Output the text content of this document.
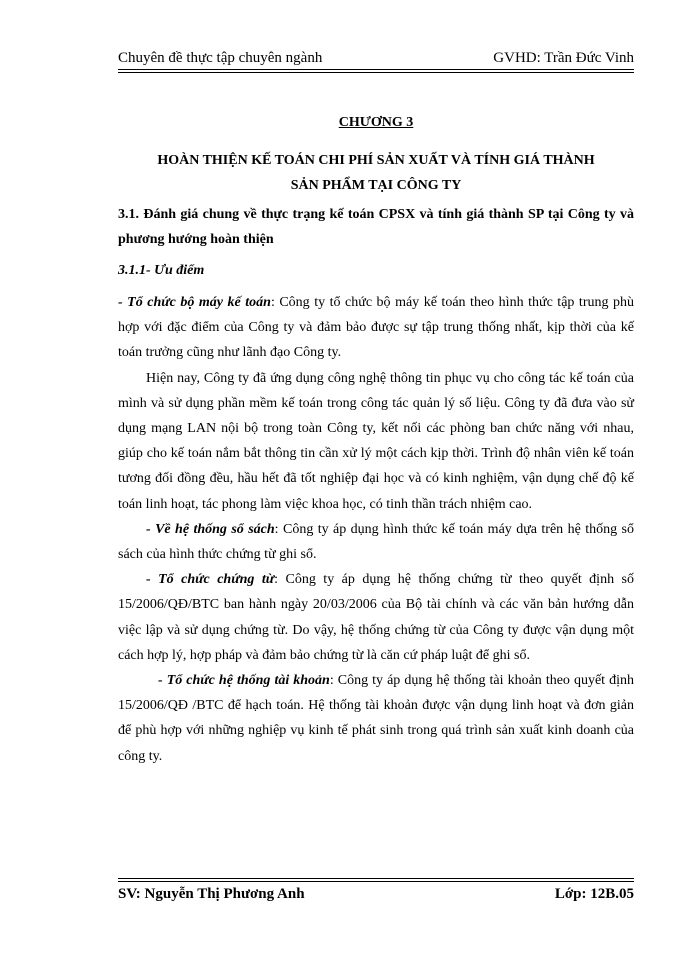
Chuyên đề thực tập chuyên ngành	GVHD: Trần Đức Vinh
CHƯƠNG 3
HOÀN THIỆN KẾ TOÁN CHI PHÍ SẢN XUẤT VÀ TÍNH GIÁ THÀNH
SẢN PHẨM TẠI CÔNG TY
3.1. Đánh giá chung về thực trạng kế toán CPSX và tính giá thành SP tại Công ty và phương hướng hoàn thiện
3.1.1- Ưu điểm

- Tổ chức bộ máy kế toán: Công ty tổ chức bộ máy kế toán theo hình thức tập trung phù hợp với đặc điểm của Công ty và đảm bảo được sự tập trung thống nhất, kịp thời của kế toán trưởng cũng như lãnh đạo Công ty.

Hiện nay, Công ty đã ứng dụng công nghệ thông tin phục vụ cho công tác kế toán của mình và sử dụng phần mềm kế toán trong công tác quản lý số liệu. Công ty đã đưa vào sử dụng mạng LAN nội bộ trong toàn Công ty, kết nối các phòng ban chức năng với nhau, giúp cho kế toán nắm bắt thông tin cần xử lý một cách kịp thời. Trình độ nhân viên kế toán tương đối đồng đều, hầu hết đã tốt nghiệp đại học và có kinh nghiệm, vận dụng chế độ kế toán linh hoạt, tác phong làm việc khoa học, có tinh thần trách nhiệm cao.

- Về hệ thống sổ sách: Công ty áp dụng hình thức kế toán máy dựa trên hệ thống sổ sách của hình thức chứng từ ghi sổ.

- Tổ chức chứng từ: Công ty áp dụng hệ thống chứng từ theo quyết định số 15/2006/QĐ/BTC ban hành ngày 20/03/2006 của Bộ tài chính và các văn bản hướng dẫn việc lập và sử dụng chứng từ. Do vậy, hệ thống chứng từ của Công ty được vận dụng một cách hợp lý, hợp pháp và đảm bảo chứng từ là căn cứ pháp luật để ghi sổ.

- Tổ chức hệ thống tài khoản: Công ty áp dụng hệ thống tài khoản theo quyết định 15/2006/QĐ /BTC để hạch toán. Hệ thống tài khoản được vận dụng linh hoạt và đơn giản để phù hợp với những nghiệp vụ kinh tế phát sinh trong quá trình sản xuất kinh doanh của công ty.

SV: Nguyễn Thị Phương Anh	Lớp: 12B.05
